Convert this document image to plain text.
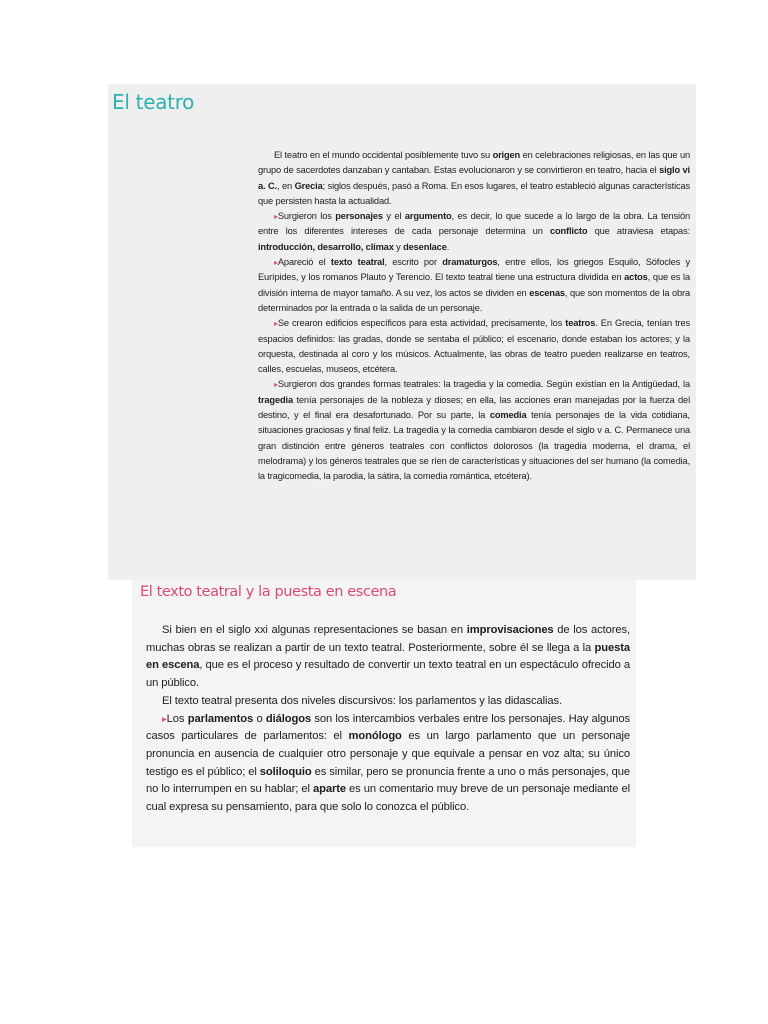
El teatro

El teatro en el mundo occidental posiblemente tuvo su origen en celebraciones religiosas, en las que un grupo de sacerdotes danzaban y cantaban. Estas evolucionaron y se convirtieron en teatro, hacia el siglo vi a. C., en Grecia; siglos después, pasó a Roma. En esos lugares, el teatro estableció algunas características que persisten hasta la actualidad.

▸Surgieron los personajes y el argumento, es decir, lo que sucede a lo largo de la obra. La tensión entre los diferentes intereses de cada personaje determina un conflicto que atraviesa etapas: introducción, desarrollo, clímax y desenlace.

▸Apareció el texto teatral, escrito por dramaturgos, entre ellos, los griegos Esquilo, Sófocles y Eurípides, y los romanos Plauto y Terencio. El texto teatral tiene una estructura dividida en actos, que es la división interna de mayor tamaño. A su vez, los actos se dividen en escenas, que son momentos de la obra determinados por la entrada o la salida de un personaje.

▸Se crearon edificios específicos para esta actividad, precisamente, los teatros. En Grecia, tenían tres espacios definidos: las gradas, donde se sentaba el público; el escenario, donde estaban los actores; y la orquesta, destinada al coro y los músicos. Actualmente, las obras de teatro pueden realizarse en teatros, calles, escuelas, museos, etcétera.

▸Surgieron dos grandes formas teatrales: la tragedia y la comedia. Según existían en la Antigüedad, la tragedia tenía personajes de la nobleza y dioses; en ella, las acciones eran manejadas por la fuerza del destino, y el final era desafortunado. Por su parte, la comedia tenía personajes de la vida cotidiana, situaciones graciosas y final feliz. La tragedia y la comedia cambiaron desde el siglo v a. C. Permanece una gran distinción entre géneros teatrales con conflictos dolorosos (la tragedia moderna, el drama, el melodrama) y los géneros teatrales que se ríen de características y situaciones del ser humano (la comedia, la tragicomedia, la parodia, la sátira, la comedia romántica, etcétera).

El texto teatral y la puesta en escena

Si bien en el siglo xxi algunas representaciones se basan en improvisaciones de los actores, muchas obras se realizan a partir de un texto teatral. Posteriormente, sobre él se llega a la puesta en escena, que es el proceso y resultado de convertir un texto teatral en un espectáculo ofrecido a un público.

El texto teatral presenta dos niveles discursivos: los parlamentos y las didascalias.

▸Los parlamentos o diálogos son los intercambios verbales entre los personajes. Hay algunos casos particulares de parlamentos: el monólogo es un largo parlamento que un personaje pronuncia en ausencia de cualquier otro personaje y que equivale a pensar en voz alta; su único testigo es el público; el soliloquio es similar, pero se pronuncia frente a uno o más personajes, que no lo interrumpen en su hablar; el aparte es un comentario muy breve de un personaje mediante el cual expresa su pensamiento, para que solo lo conozca el público.
